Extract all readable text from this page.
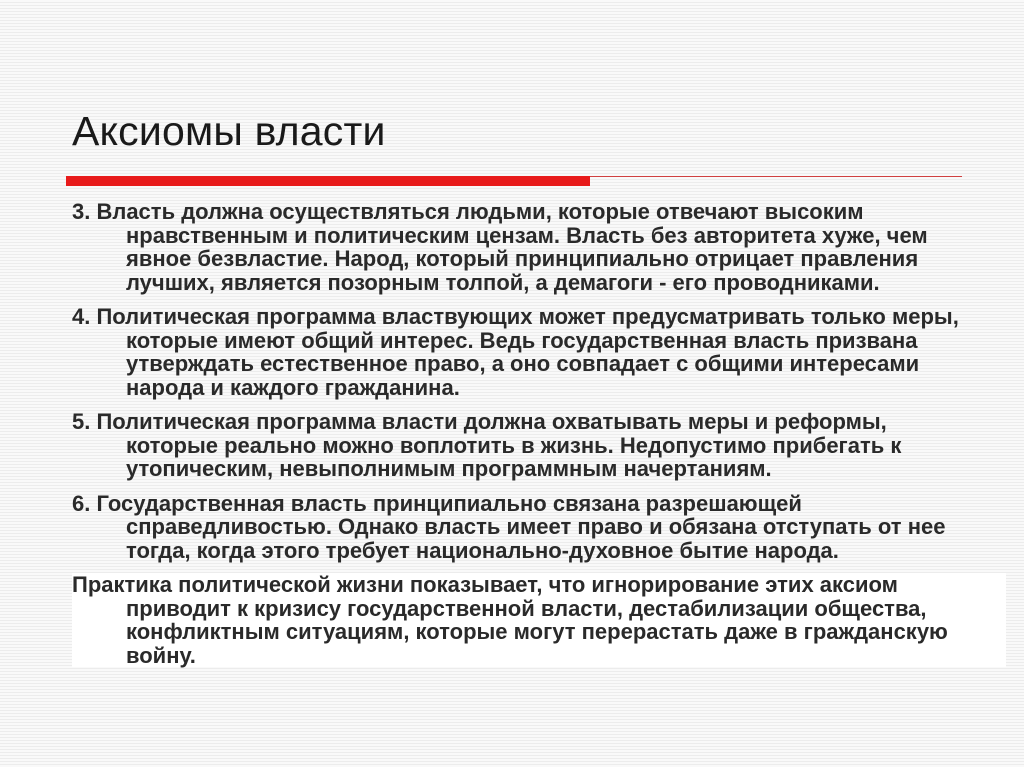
Аксиомы власти
3. Власть должна осуществляться людьми, которые отвечают высоким нравственным и политическим цензам. Власть без авторитета хуже, чем явное безвластие. Народ, который принципиально отрицает правления лучших, является позорным толпой, а демагоги - его проводниками.
4. Политическая программа властвующих может предусматривать только меры, которые имеют общий интерес. Ведь государственная власть призвана утверждать естественное право, а оно совпадает с общими интересами народа и каждого гражданина.
5. Политическая программа власти должна охватывать меры и реформы, которые реально можно воплотить в жизнь. Недопустимо прибегать к утопическим, невыполнимым программным начертаниям.
6. Государственная власть принципиально связана разрешающей справедливостью. Однако власть имеет право и обязана отступать от нее тогда, когда этого требует национально-духовное бытие народа.
Практика политической жизни показывает, что игнорирование этих аксиом приводит к кризису государственной власти, дестабилизации общества, конфликтным ситуациям, которые могут перерастать даже в гражданскую войну.
